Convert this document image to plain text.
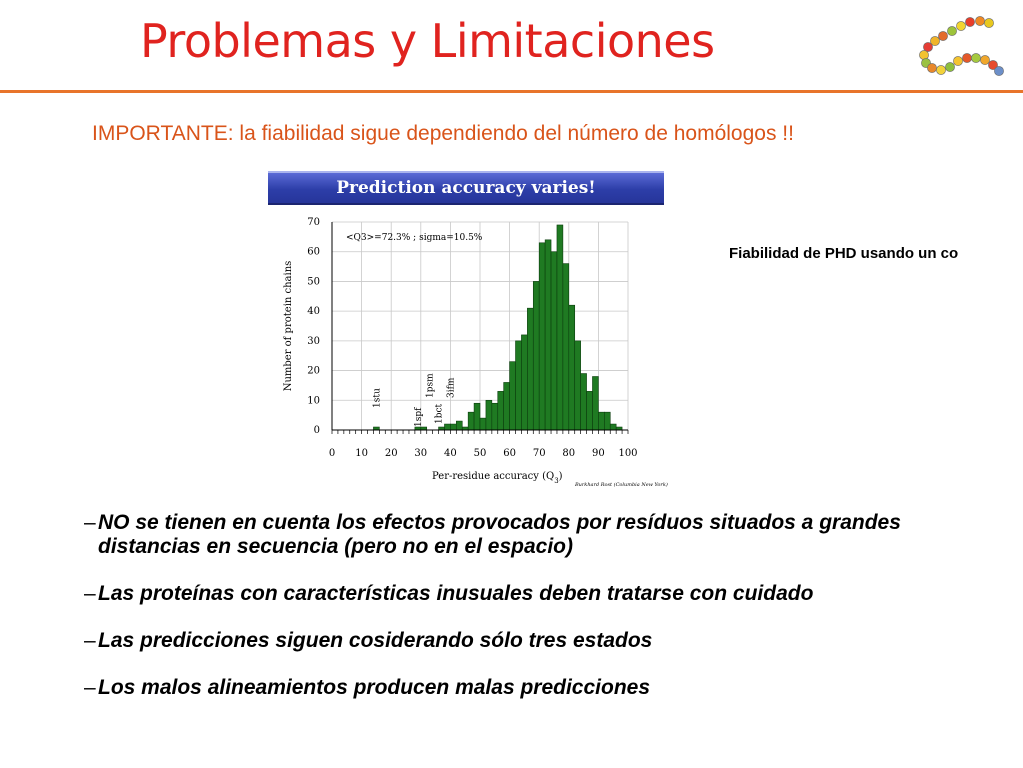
Problemas y Limitaciones
IMPORTANTE: la fiabilidad sigue dependiendo del número de homólogos !!
Prediction accuracy varies!
0 10 20 30 40 50 60 70 80 90 100
0
10
20
30
40
50
60
70
Per-residue accuracy $(Q_3)$
Number of protein chains
<Q3>=72.3% ; sigma=10.5%
1stu
1spf 1bct
1psm 3ifm
Burkhard Rost (Columbia New York)
Fiabilidad de PHD usando un co
– NO se tienen en cuenta los efectos provocados por resíduos situados a grandes distancias en secuencia (pero no en el espacio)
– Las proteínas con características inusuales deben tratarse con cuidado
– Las predicciones siguen cosiderando sólo tres estados
– Los malos alineamientos producen malas predicciones
